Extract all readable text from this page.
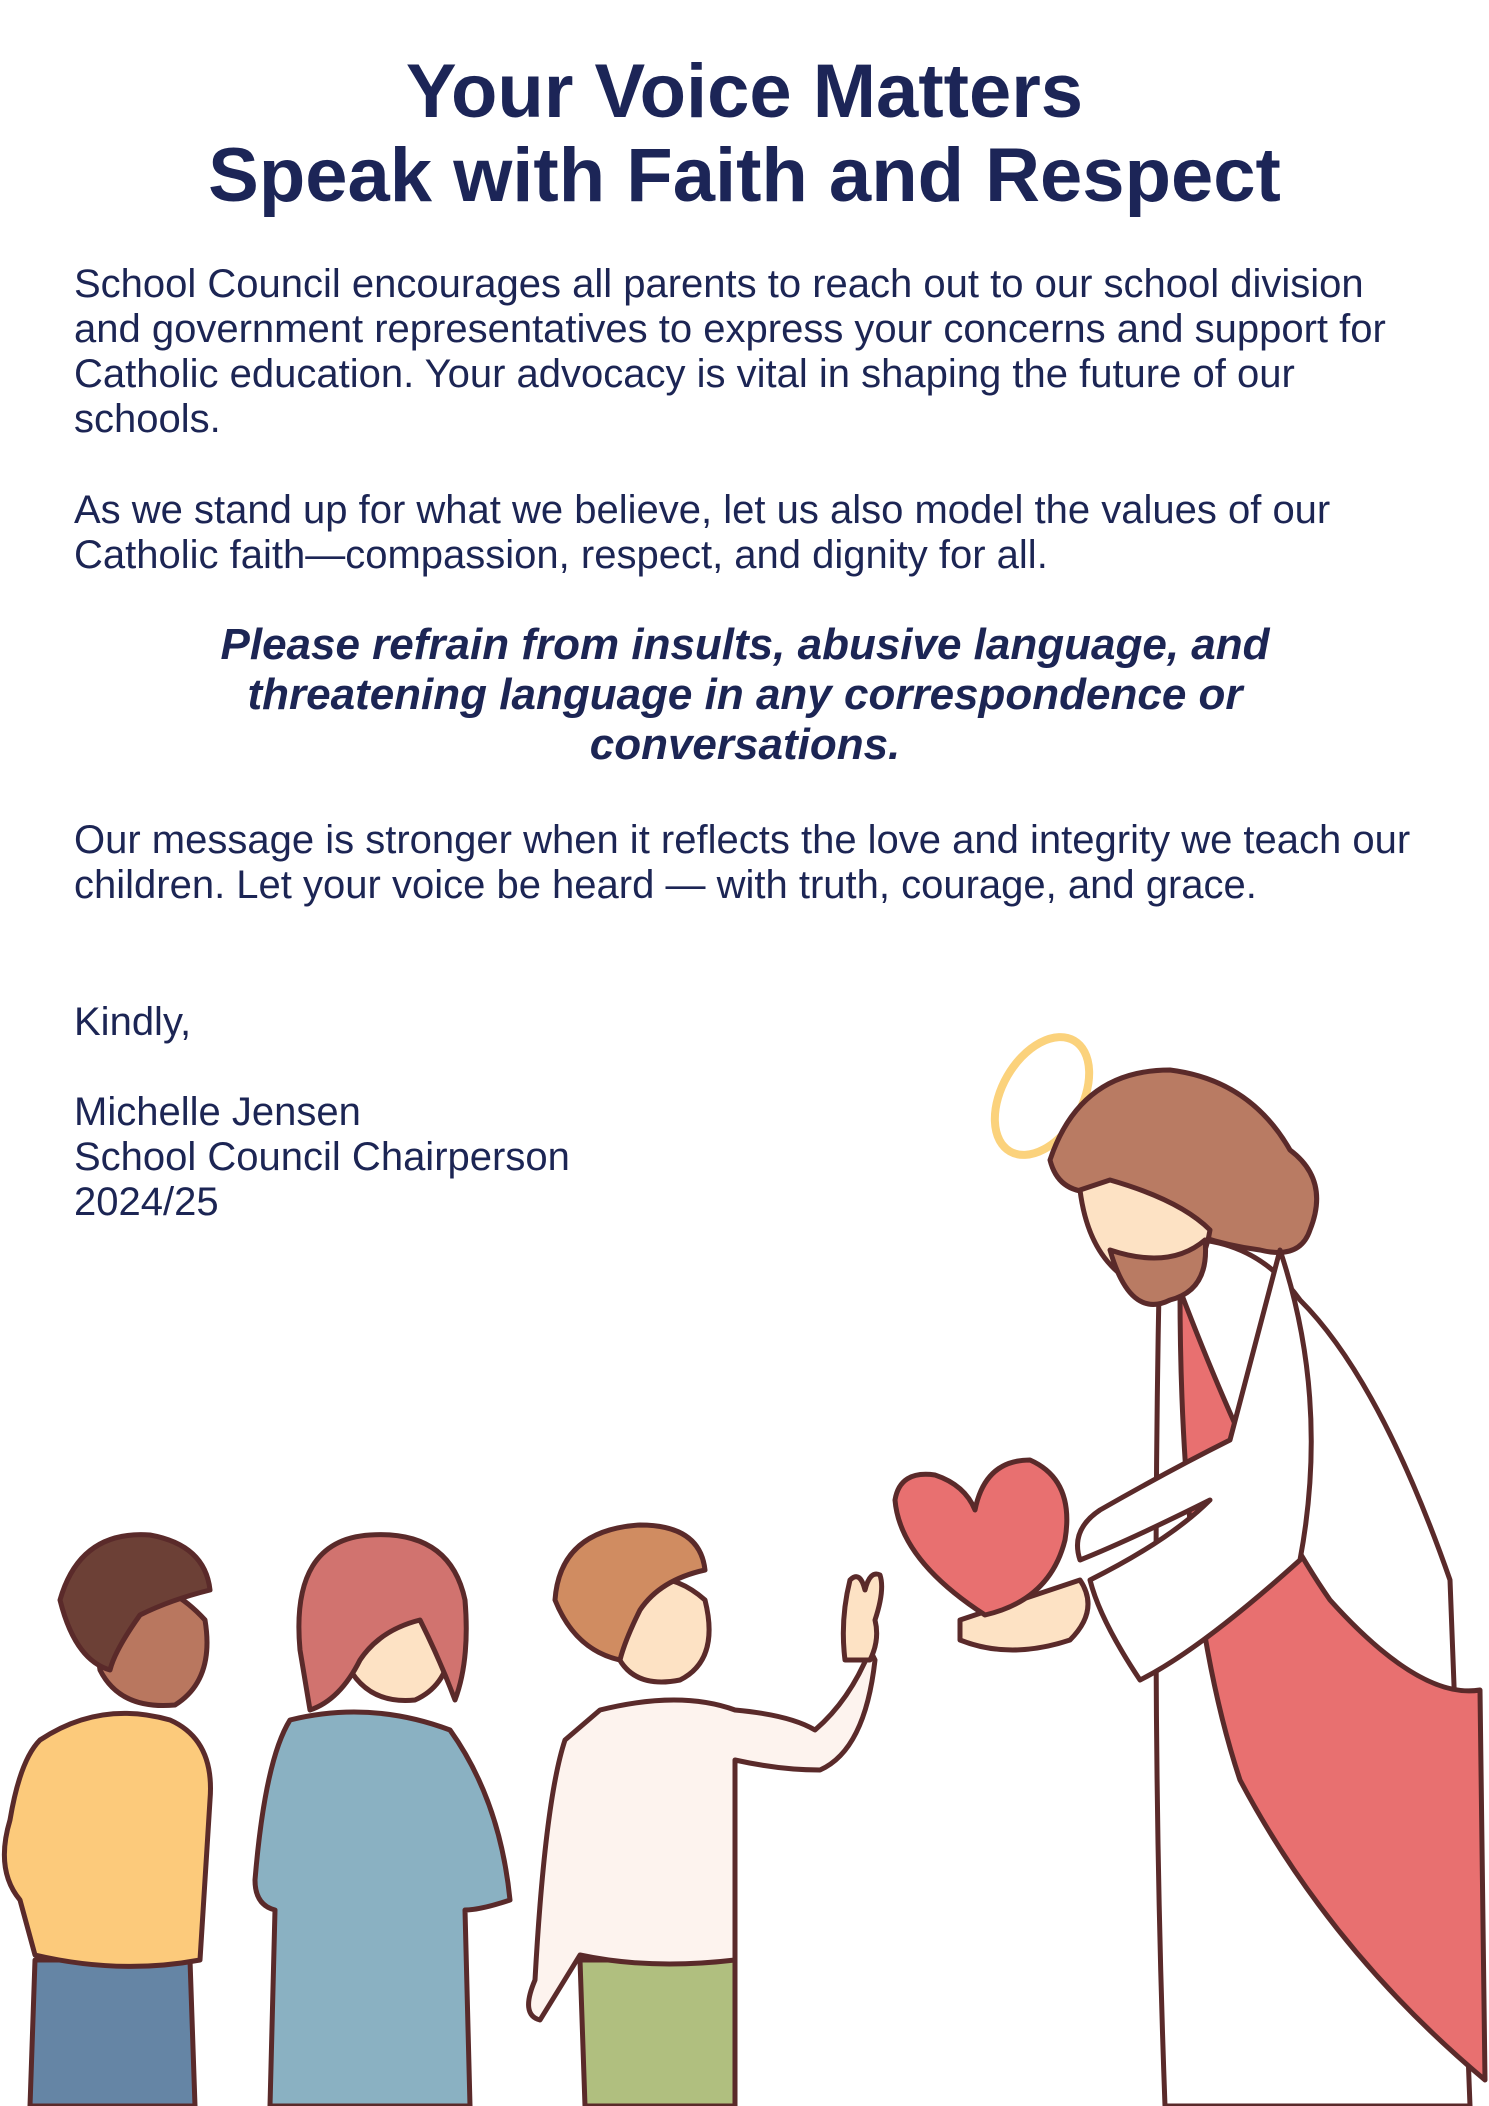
Your Voice Matters
Speak with Faith and Respect

School Council encourages all parents to reach out to our school division and government representatives to express your concerns and support for Catholic education. Your advocacy is vital in shaping the future of our schools.

As we stand up for what we believe, let us also model the values of our Catholic faith—compassion, respect, and dignity for all.

Please refrain from insults, abusive language, and threatening language in any correspondence or conversations.

Our message is stronger when it reflects the love and integrity we teach our children. Let your voice be heard — with truth, courage, and grace.

Kindly,

Michelle Jensen
School Council Chairperson
2024/25
